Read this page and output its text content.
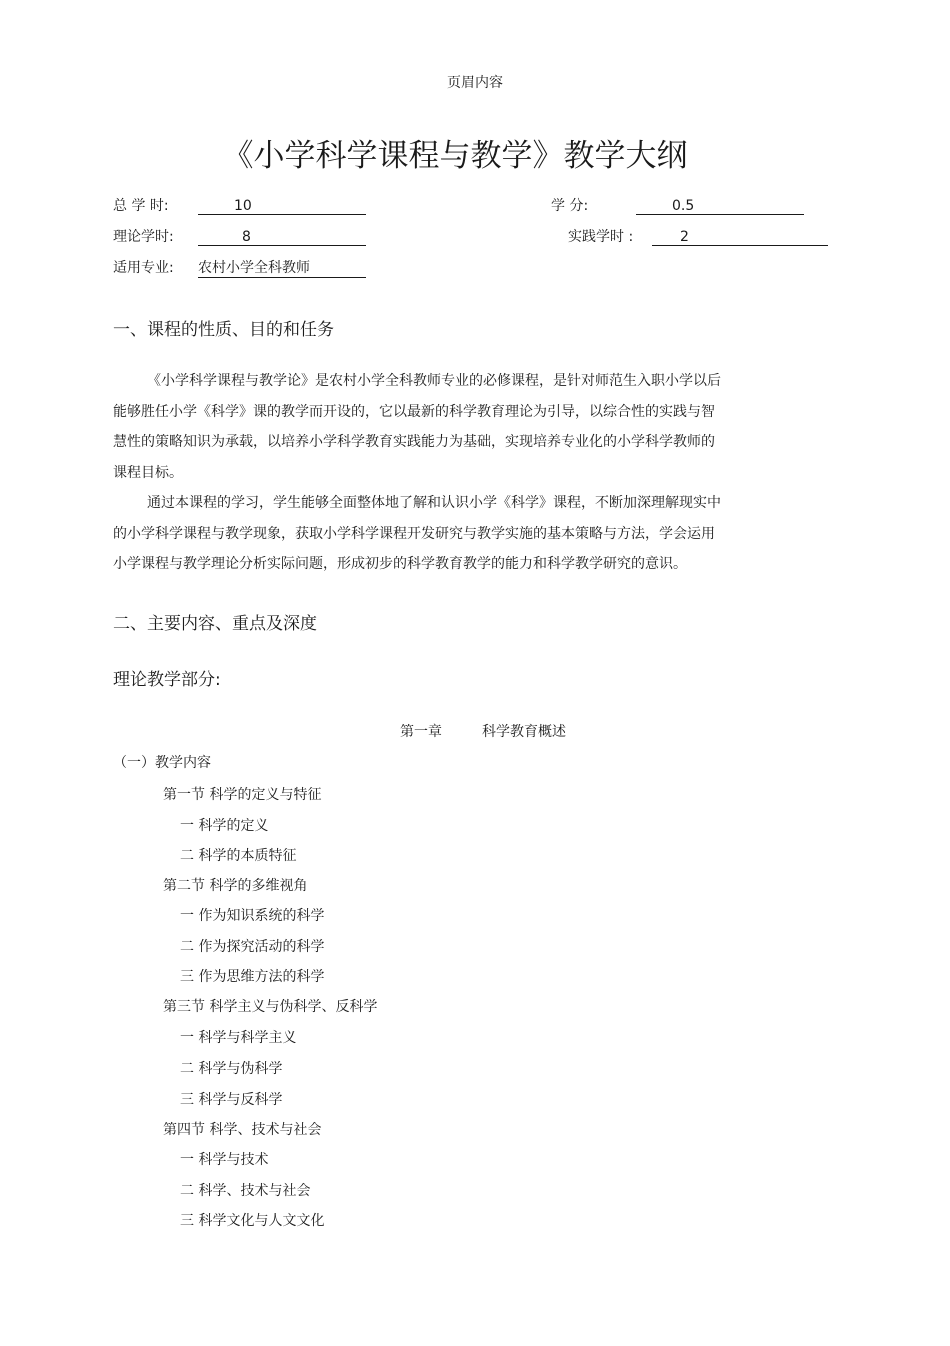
页眉内容
《小学科学课程与教学》教学大纲
总 学 时:	10	学 分:	0.5
理论学时:	8	实践学时 :	2
适用专业: 农村小学全科教师
一、课程的性质、目的和任务
《小学科学课程与教学论》是农村小学全科教师专业的必修课程，是针对师范生入职小学以后
能够胜任小学《科学》课的教学而开设的，它以最新的科学教育理论为引导，以综合性的实践与智
慧性的策略知识为承载，以培养小学科学教育实践能力为基础，实现培养专业化的小学科学教师的
课程目标。
通过本课程的学习，学生能够全面整体地了解和认识小学《科学》课程，不断加深理解现实中
的小学科学课程与教学现象，获取小学科学课程开发研究与教学实施的基本策略与方法，学会运用
小学课程与教学理论分析实际问题，形成初步的科学教育教学的能力和科学教学研究的意识。
二、主要内容、重点及深度
理论教学部分:
第一章	科学教育概述
（一）教学内容
第一节 科学的定义与特征
一 科学的定义
二 科学的本质特征
第二节 科学的多维视角
一 作为知识系统的科学
二 作为探究活动的科学
三 作为思维方法的科学
第三节 科学主义与伪科学、反科学
一 科学与科学主义
二 科学与伪科学
三 科学与反科学
第四节 科学、技术与社会
一 科学与技术
二 科学、技术与社会
三 科学文化与人文文化
